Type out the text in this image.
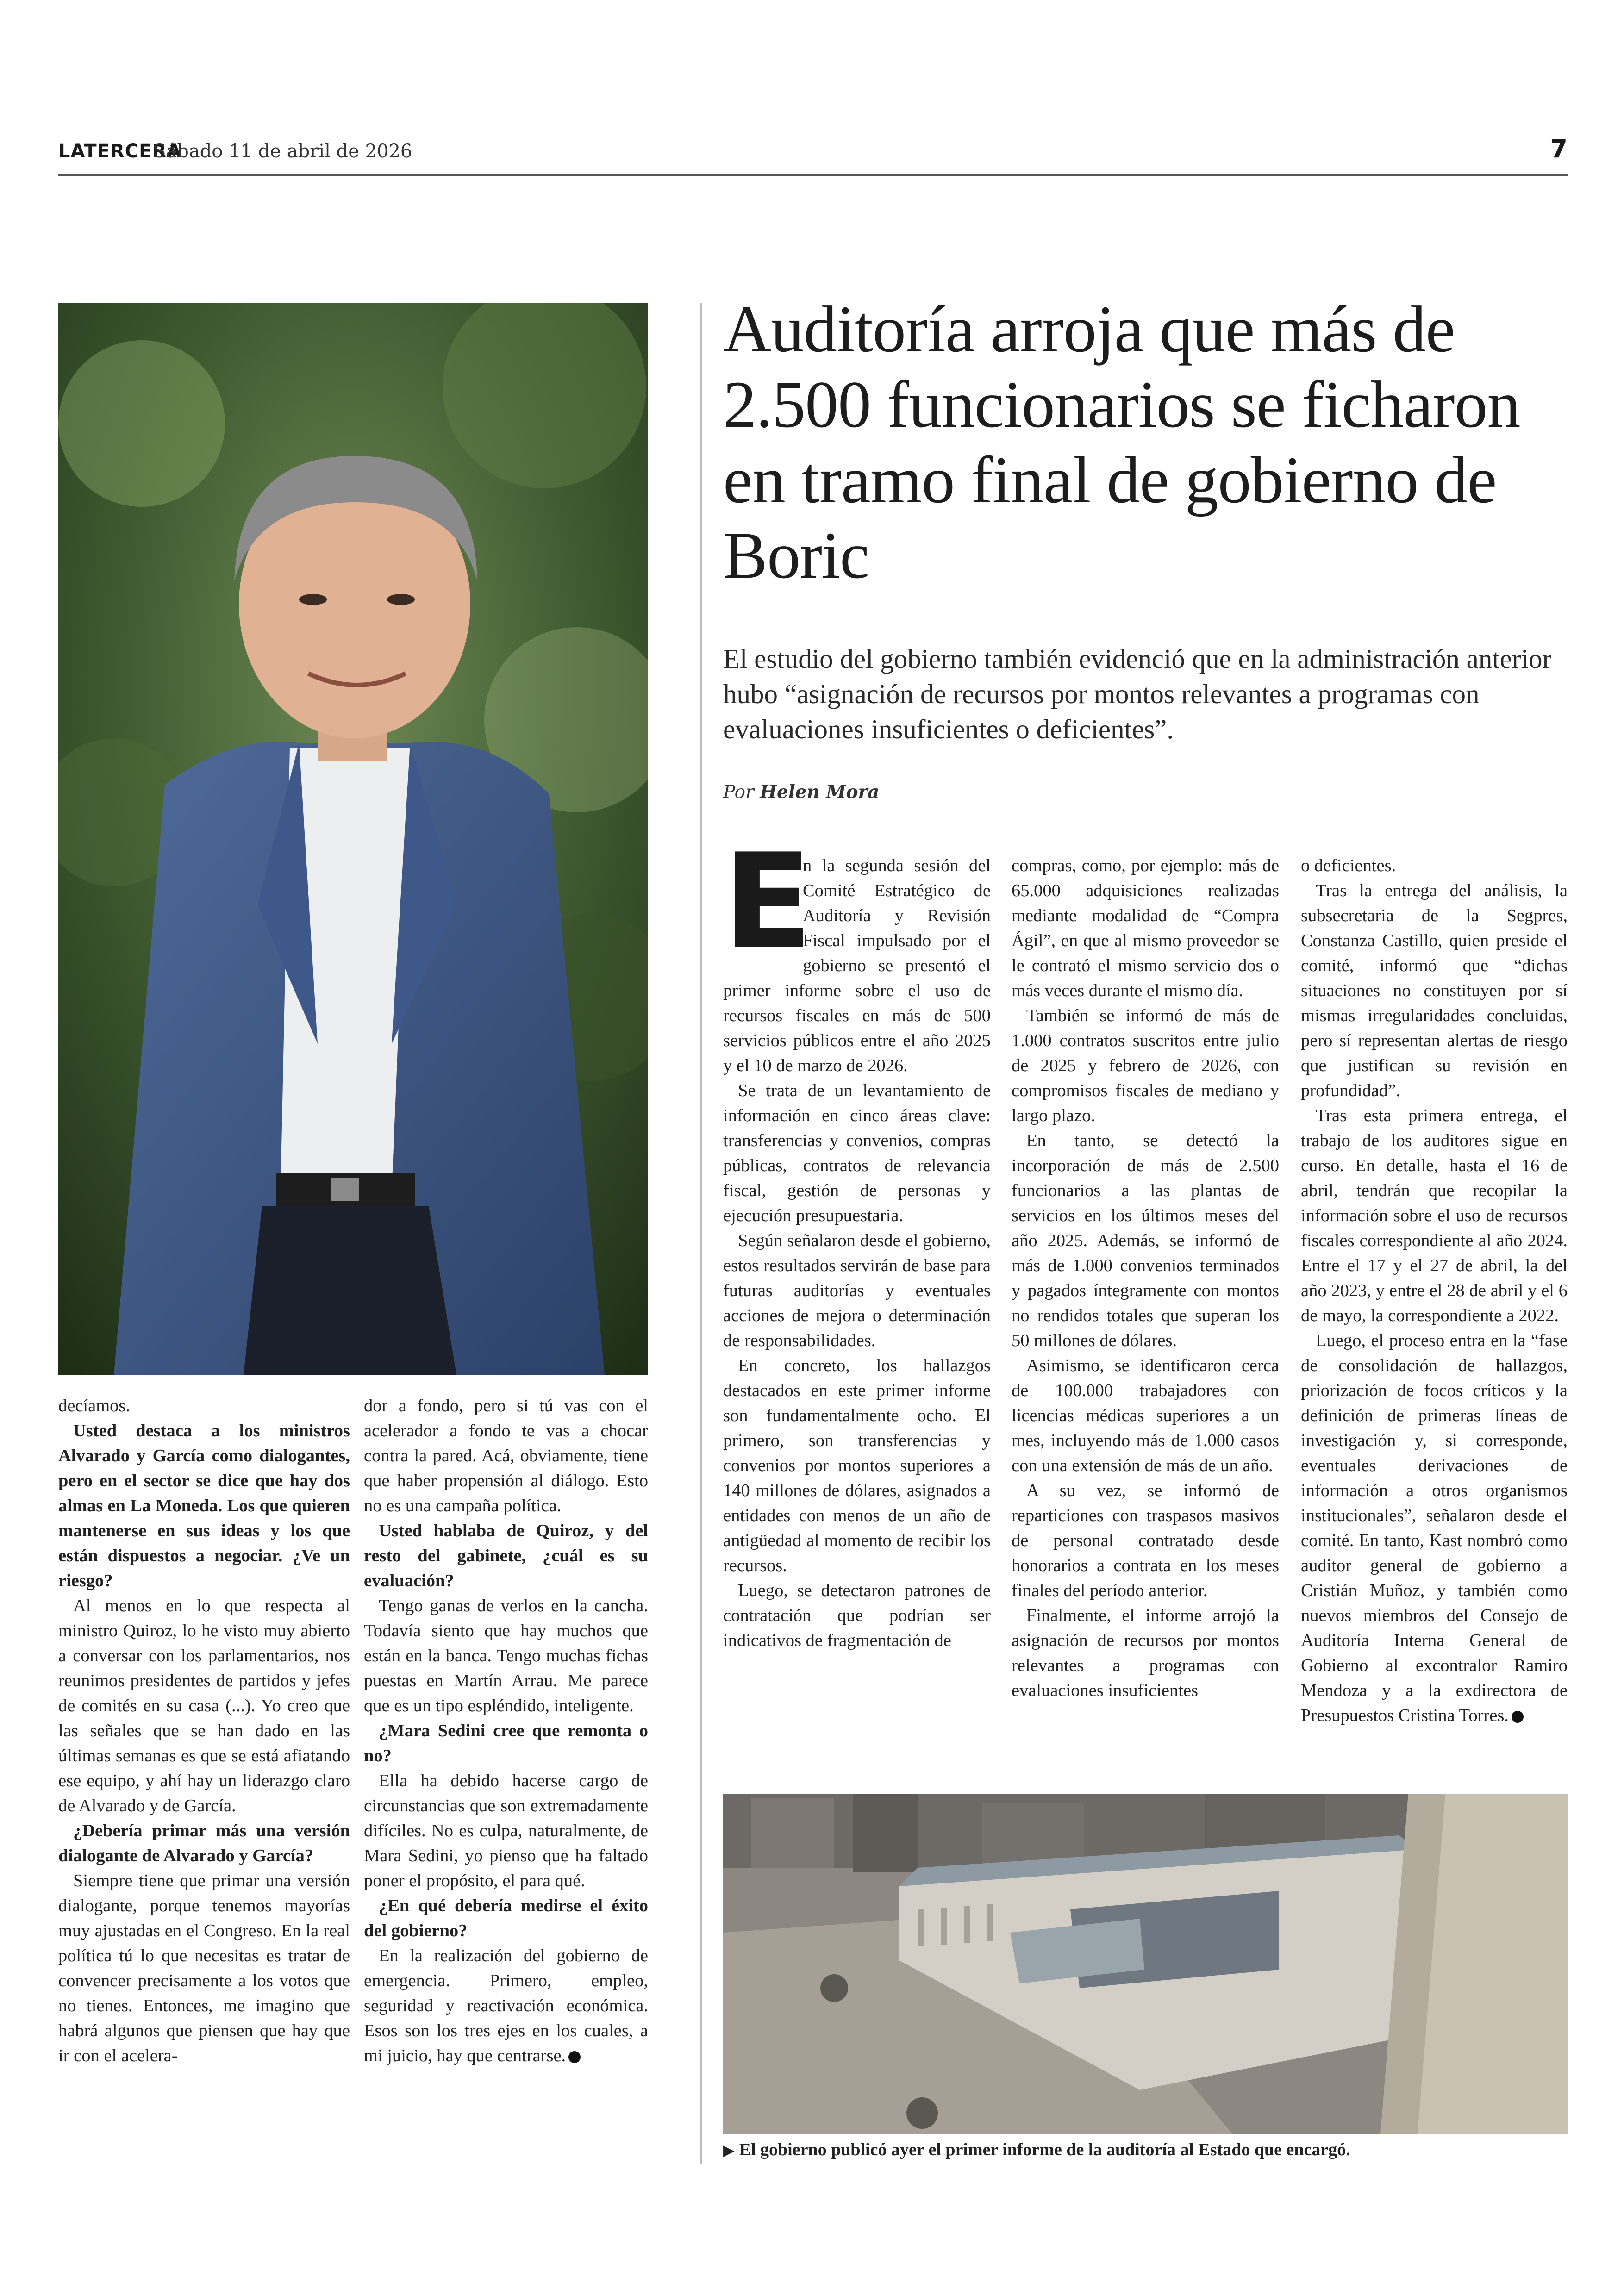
LATERCERA
Sábado 11 de abril de 2026	7
Auditoría arroja que más de 2.500 funcionarios se ficharon en tramo final de gobierno de Boric
El estudio del gobierno también evidenció que en la administración anterior hubo “asignación de recursos por montos relevantes a programas con evaluaciones insuficientes o deficientes”.
Por Helen Mora

E
n la segunda sesión del Comité Estratégico de Auditoría y Revisión Fiscal impulsado por el gobierno se presentó el primer informe sobre el uso de recursos fiscales en más de 500 servicios públicos entre el año 2025 y el 10 de marzo de 2026.

Se trata de un levantamiento de información en cinco áreas clave: transferencias y convenios, compras públicas, contratos de relevancia fiscal, gestión de personas y ejecución presupuestaria.

Según señalaron desde el gobierno, estos resultados servirán de base para futuras auditorías y eventuales acciones de mejora o determinación de responsabilidades.

En concreto, los hallazgos destacados en este primer informe son fundamentalmente ocho. El primero, son transferencias y convenios por montos superiores a 140 millones de dólares, asignados a entidades con menos de un año de antigüedad al momento de recibir los recursos.

Luego, se detectaron patrones de contratación que podrían ser indicativos de fragmentación de

compras, como, por ejemplo: más de 65.000 adquisiciones realizadas mediante modalidad de “Compra Ágil”, en que al mismo proveedor se le contrató el mismo servicio dos o más veces durante el mismo día.

También se informó de más de 1.000 contratos suscritos entre julio de 2025 y febrero de 2026, con compromisos fiscales de mediano y largo plazo.

En tanto, se detectó la incorporación de más de 2.500 funcionarios a las plantas de servicios en los últimos meses del año 2025. Además, se informó de más de 1.000 convenios terminados y pagados íntegramente con montos no rendidos totales que superan los 50 millones de dólares.

Asimismo, se identificaron cerca de 100.000 trabajadores con licencias médicas superiores a un mes, incluyendo más de 1.000 casos con una extensión de más de un año.

A su vez, se informó de reparticiones con traspasos masivos de personal contratado desde honorarios a contrata en los meses finales del período anterior.

Finalmente, el informe arrojó la asignación de recursos por montos relevantes a programas con evaluaciones insuficientes

o deficientes.

Tras la entrega del análisis, la subsecretaria de la Segpres, Constanza Castillo, quien preside el comité, informó que “dichas situaciones no constituyen por sí mismas irregularidades concluidas, pero sí representan alertas de riesgo que justifican su revisión en profundidad”.

Tras esta primera entrega, el trabajo de los auditores sigue en curso. En detalle, hasta el 16 de abril, tendrán que recopilar la información sobre el uso de recursos fiscales correspondiente al año 2024. Entre el 17 y el 27 de abril, la del año 2023, y entre el 28 de abril y el 6 de mayo, la correspondiente a 2022.

Luego, el proceso entra en la “fase de consolidación de hallazgos, priorización de focos críticos y la definición de primeras líneas de investigación y, si corresponde, eventuales derivaciones de información a otros organismos institucionales”, señalaron desde el comité. En tanto, Kast nombró como auditor general de gobierno a Cristián Muñoz, y también como nuevos miembros del Consejo de Auditoría Interna General de Gobierno al excontralor Ramiro Mendoza y a la exdirectora de Presupuestos Cristina Torres.

▶ El gobierno publicó ayer el primer informe de la auditoría al Estado que encargó.

decíamos.

Usted destaca a los ministros Alvarado y García como dialogantes, pero en el sector se dice que hay dos almas en La Moneda. Los que quieren mantenerse en sus ideas y los que están dispuestos a negociar. ¿Ve un riesgo?

Al menos en lo que respecta al ministro Quiroz, lo he visto muy abierto a conversar con los parlamentarios, nos reunimos presidentes de partidos y jefes de comités en su casa (...). Yo creo que las señales que se han dado en las últimas semanas es que se está afiatando ese equipo, y ahí hay un liderazgo claro de Alvarado y de García.

¿Debería primar más una versión dialogante de Alvarado y García?

Siempre tiene que primar una versión dialogante, porque tenemos mayorías muy ajustadas en el Congreso. En la real política tú lo que necesitas es tratar de convencer precisamente a los votos que no tienes. Entonces, me imagino que habrá algunos que piensen que hay que ir con el acelera-

dor a fondo, pero si tú vas con el acelerador a fondo te vas a chocar contra la pared. Acá, obviamente, tiene que haber propensión al diálogo. Esto no es una campaña política.

Usted hablaba de Quiroz, y del resto del gabinete, ¿cuál es su evaluación?

Tengo ganas de verlos en la cancha. Todavía siento que hay muchos que están en la banca. Tengo muchas fichas puestas en Martín Arrau. Me parece que es un tipo espléndido, inteligente.

¿Mara Sedini cree que remonta o no?

Ella ha debido hacerse cargo de circunstancias que son extremadamente difíciles. No es culpa, naturalmente, de Mara Sedini, yo pienso que ha faltado poner el propósito, el para qué.

¿En qué debería medirse el éxito del gobierno?

En la realización del gobierno de emergencia. Primero, empleo, seguridad y reactivación económica. Esos son los tres ejes en los cuales, a mi juicio, hay que centrarse.
